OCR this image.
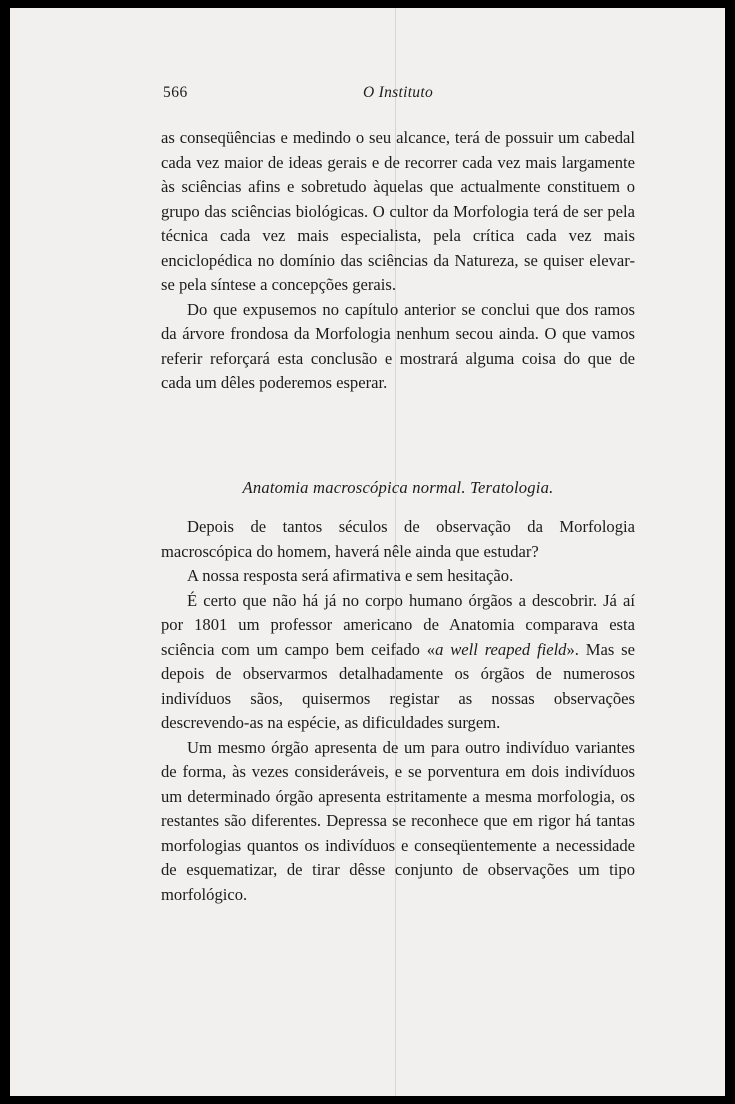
566	O Instituto

as conseqüências e medindo o seu alcance, terá de possuir um cabedal cada vez maior de ideas gerais e de recorrer cada vez mais largamente às sciências afins e sobretudo àquelas que actualmente constituem o grupo das sciências biológicas. O cultor da Morfologia terá de ser pela técnica cada vez mais especialista, pela crítica cada vez mais enciclopédica no domínio das sciências da Natureza, se quiser elevar-se pela síntese a concepções gerais.

Do que expusemos no capítulo anterior se conclui que dos ramos da árvore frondosa da Morfologia nenhum secou ainda. O que vamos referir reforçará esta conclusão e mostrará alguma coisa do que de cada um dêles poderemos esperar.

Anatomia macroscópica normal. Teratologia.

Depois de tantos séculos de observação da Morfologia macroscópica do homem, haverá nêle ainda que estudar?

A nossa resposta será afirmativa e sem hesitação.

É certo que não há já no corpo humano órgãos a descobrir. Já aí por 1801 um professor americano de Anatomia comparava esta sciência com um campo bem ceifado «a well reaped field». Mas se depois de observarmos detalhadamente os órgãos de numerosos indivíduos sãos, quisermos registar as nossas observações descrevendo-as na espécie, as dificuldades surgem.

Um mesmo órgão apresenta de um para outro indivíduo variantes de forma, às vezes consideráveis, e se porventura em dois indivíduos um determinado órgão apresenta estritamente a mesma morfologia, os restantes são diferentes. Depressa se reconhece que em rigor há tantas morfologias quantos os indivíduos e conseqüentemente a necessidade de esquematizar, de tirar dêsse conjunto de observações um tipo morfológico.
